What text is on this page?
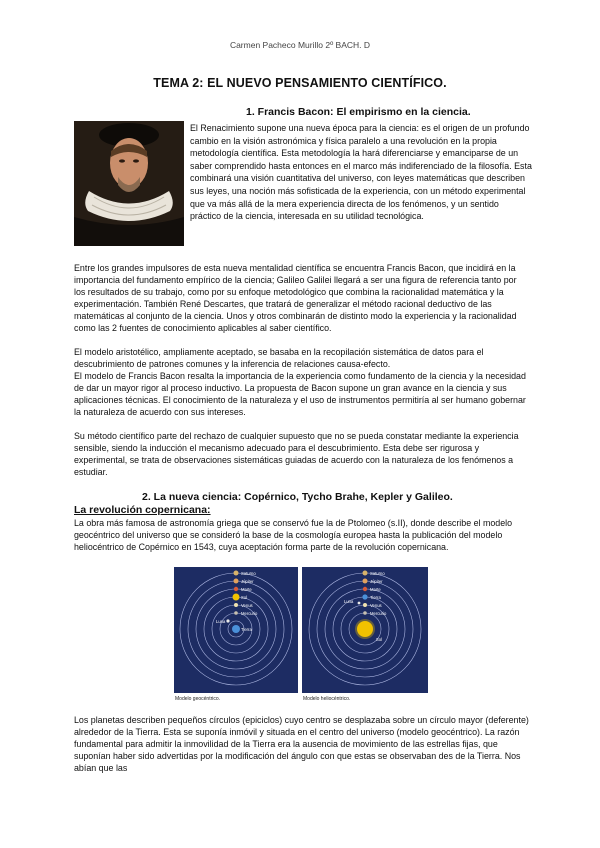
Carmen Pacheco Murillo 2º BACH. D
TEMA 2: EL NUEVO PENSAMIENTO CIENTÍFICO.
1. Francis Bacon: El empirismo en la ciencia.

El Renacimiento supone una nueva época para la ciencia: es el origen de un profundo cambio en la visión astronómica y física paralelo a una revolución en la propia metodología científica. Esta metodología la hará diferenciarse y emanciparse de un saber comprendido hasta entonces en el marco más indiferenciado de la filosofía. Esta combinará una visión cuantitativa del universo, con leyes matemáticas que describen sus leyes, una noción más sofisticada de la experiencia, con un método experimental que va más allá de la mera experiencia directa de los fenómenos, y un sentido práctico de la ciencia, interesada en su utilidad tecnológica.

Entre los grandes impulsores de esta nueva mentalidad científica se encuentra Francis Bacon, que incidirá en la importancia del fundamento empírico de la ciencia; Galileo Galilei llegará a ser una figura de referencia tanto por los resultados de su trabajo, como por su enfoque metodológico que combina la racionalidad matemática y la experimentación. También René Descartes, que tratará de generalizar el método racional deductivo de las matemáticas al conjunto de la ciencia. Unos y otros combinarán de distinto modo la experiencia y la racionalidad como las 2 fuentes de conocimiento aplicables al saber científico.

El modelo aristotélico, ampliamente aceptado, se basaba en la recopilación sistemática de datos para el descubrimiento de patrones comunes y la inferencia de relaciones causa-efecto.

El modelo de Francis Bacon resalta la importancia de la experiencia como fundamento de la ciencia y la necesidad de dar un mayor rigor al proceso inductivo. La propuesta de Bacon supone un gran avance en la ciencia y sus aplicaciones técnicas. El conocimiento de la naturaleza y el uso de instrumentos permitiría al ser humano gobernar la naturaleza de acuerdo con sus intereses.

Su método científico parte del rechazo de cualquier supuesto que no se pueda constatar mediante la experiencia sensible, siendo la inducción el mecanismo adecuado para el descubrimiento. Esta debe ser rigurosa y experimental, se trata de observaciones sistemáticas guiadas de acuerdo con la naturaleza de los fenómenos a estudiar.

2. La nueva ciencia: Copérnico, Tycho Brahe, Kepler y Galileo.
La revolución copernicana:

La obra más famosa de astronomía griega que se conservó fue la de Ptolomeo (s.II), donde describe el modelo geocéntrico del universo que se consideró la base de la cosmología europea hasta la publicación del modelo heliocéntrico de Copérnico en 1543, cuya aceptación forma parte de la revolución copernicana.

Saturno
Júpiter
Marte
Sol
Venus
Mercurio
Luna
Tierra
Modelo geocéntrico.
Saturno
Júpiter
Marte
Tierra
Luna
Venus
Mercurio
Sol
Modelo heliocéntrico.

Los planetas describen pequeños círculos (epiciclos) cuyo centro se desplazaba sobre un círculo mayor (deferente) alrededor de la Tierra. Esta se suponía inmóvil y situada en el centro del universo (modelo geocéntrico). La razón fundamental para admitir la inmovilidad de la Tierra era la ausencia de movimiento de las estrellas fijas, que suponían haber sido advertidas por la modificación del ángulo con que estas se observaban des de la Tierra. Nos abían que las
